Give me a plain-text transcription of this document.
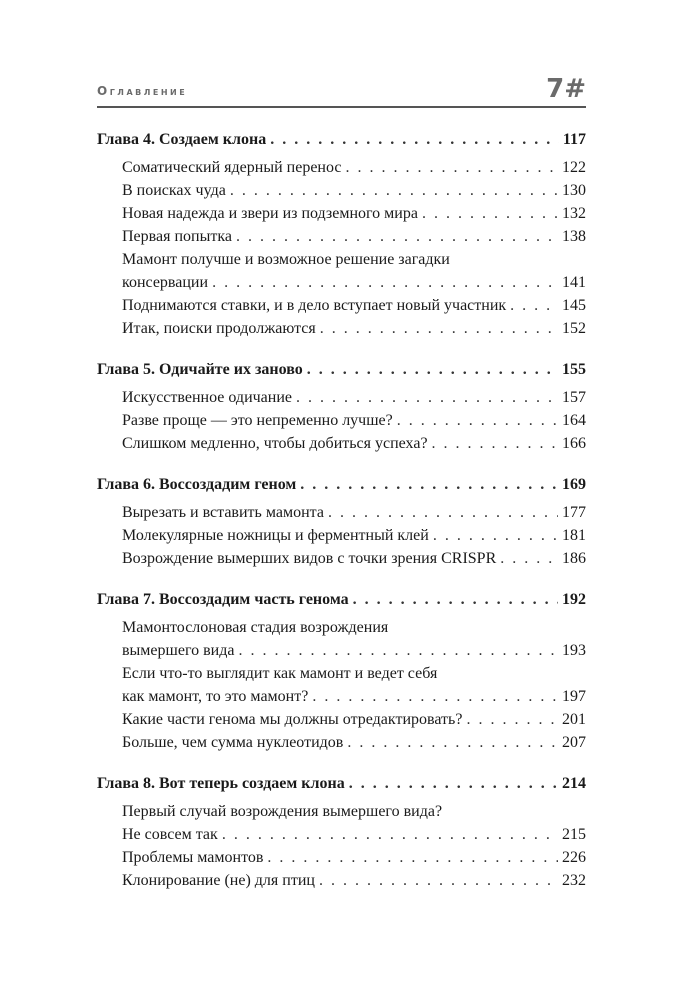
Оглавление	7#
Глава 4. Создаем клона . . .	117
Соматический ядерный перенос . . .	122
В поисках чуда . . .	130
Новая надежда и звери из подземного мира . . .	132
Первая попытка . . .	138
Мамонт получше и возможное решение загадки
консервации . . .	141
Поднимаются ставки, и в дело вступает новый участник . . .	145
Итак, поиски продолжаются . . .	152
Глава 5. Одичайте их заново . . .	155
Искусственное одичание . . .	157
Разве проще — это непременно лучше? . . .	164
Слишком медленно, чтобы добиться успеха? . . .	166
Глава 6. Воссоздадим геном . . .	169
Вырезать и вставить мамонта . . .	177
Молекулярные ножницы и ферментный клей . . .	181
Возрождение вымерших видов с точки зрения CRISPR . . .	186
Глава 7. Воссоздадим часть генома . . .	192
Мамонтослоновая стадия возрождения
вымершего вида . . .	193
Если что-то выглядит как мамонт и ведет себя
как мамонт, то это мамонт? . . .	197
Какие части генома мы должны отредактировать? . . .	201
Больше, чем сумма нуклеотидов . . .	207
Глава 8. Вот теперь создаем клона . . .	214
Первый случай возрождения вымершего вида?
Не совсем так . . .	215
Проблемы мамонтов . . .	226
Клонирование (не) для птиц . . .	232
